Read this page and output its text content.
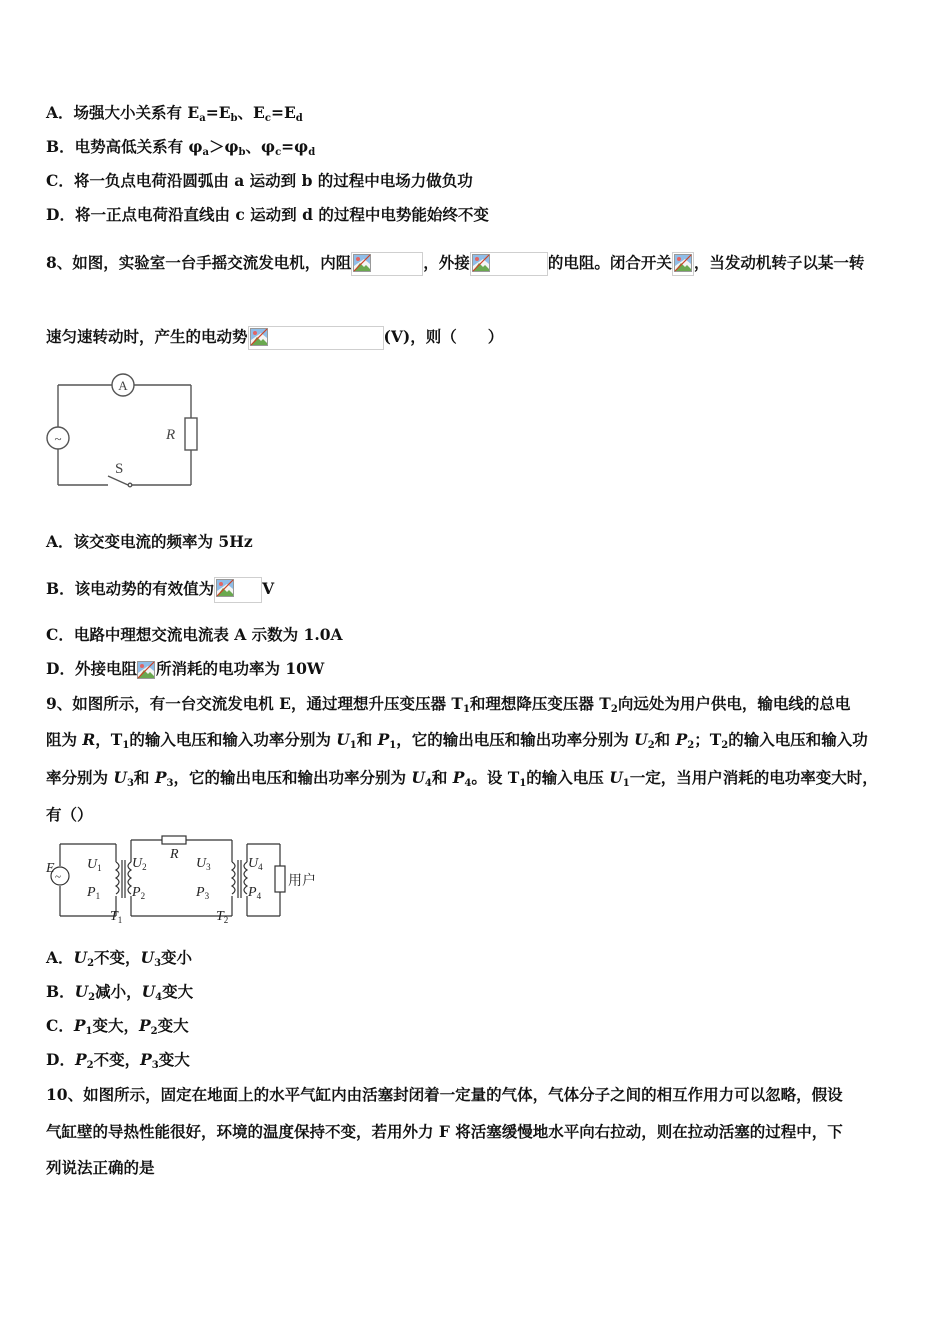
A．场强大小关系有 $E_a=E_b$、$E_c=E_d$
B．电势高低关系有 $\varphi_a>\varphi_b$、$\varphi_c=\varphi_d$
C．将一负点电荷沿圆弧由 a 运动到 b 的过程中电场力做负功
D．将一正点电荷沿直线由 c 运动到 d 的过程中电势能始终不变
8、如图，实验室一台手摇交流发电机，内阻	，外接	的电阻。闭合开关 ，当发动机转子以某一转
速匀速转动时，产生的电动势	(V)，则（　　）
A
~	R
S
A．该交变电流的频率为 5Hz
B．该电动势的有效值为	V
C．电路中理想交流电流表 A 示数为 1.0A
D．外接电阻 所消耗的电功率为 10W
9、如图所示，有一台交流发电机 E，通过理想升压变压器 $T_1$和理想降压变压器 $T_2$向远处为用户供电，输电线的总电
阻为 R，$T_1$的输入电压和输入功率分别为 $U_1$和 $P_1$，它的输出电压和输出功率分别为 $U_2$和 $P_2$；$T_2$的输入电压和输入功
率分别为 $U_3$和 $P_3$，它的输出电压和输出功率分别为 $U_4$和 $P_4$。设 $T_1$的输入电压 $U_1$一定，当用户消耗的电功率变大时，
有（）
E
~
$U_1$
$P_1$
$U_2$
$P_2$
R
$U_3$
$P_3$
$U_4$
$P_4$
$T_1$	$T_2$
用户
A．$U_2$不变，$U_3$变小
B．$U_2$减小，$U_4$变大
C．$P_1$变大，$P_2$变大
D．$P_2$不变，$P_3$变大
10、如图所示，固定在地面上的水平气缸内由活塞封闭着一定量的气体，气体分子之间的相互作用力可以忽略，假设
气缸壁的导热性能很好，环境的温度保持不变，若用外力 F 将活塞缓慢地水平向右拉动，则在拉动活塞的过程中，下
列说法正确的是
